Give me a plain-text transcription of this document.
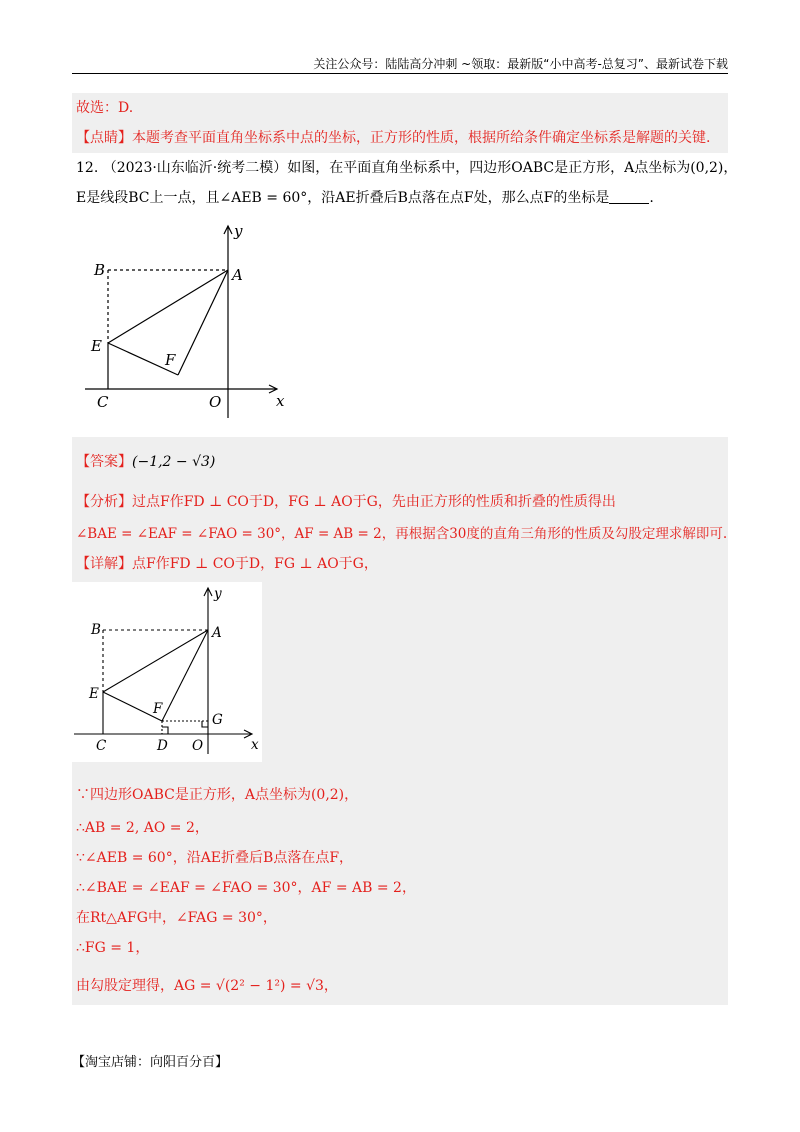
关注公众号：陆陆高分冲刺 ~领取：最新版“小中高考-总复习”、最新试卷下载
故选：D.
【点睛】本题考查平面直角坐标系中点的坐标，正方形的性质，根据所给条件确定坐标系是解题的关键.
12. （2023·山东临沂·统考二模）如图，在平面直角坐标系中，四边形OABC是正方形，A点坐标为(0,2)，
E是线段BC上一点，且∠AEB = 60°，沿AE折叠后B点落在点F处，那么点F的坐标是	.
y
x
B	A
E
F
C	O
【答案】(−1,2 − √3)
【分析】过点F作FD ⊥ CO于D，FG ⊥ AO于G，先由正方形的性质和折叠的性质得出
∠BAE = ∠EAF = ∠FAO = 30°，AF = AB = 2，再根据含30度的直角三角形的性质及勾股定理求解即可.
【详解】点F作FD ⊥ CO于D，FG ⊥ AO于G，
y
x
B	A
E
F
G
C	D O
∵四边形OABC是正方形，A点坐标为(0,2)，
∴AB = 2, AO = 2，
∵∠AEB = 60°，沿AE折叠后B点落在点F，
∴∠BAE = ∠EAF = ∠FAO = 30°，AF = AB = 2，
在Rt△AFG中，∠FAG = 30°，
∴FG = 1，
由勾股定理得，AG = √(2² − 1²) = √3，
【淘宝店铺：向阳百分百】
